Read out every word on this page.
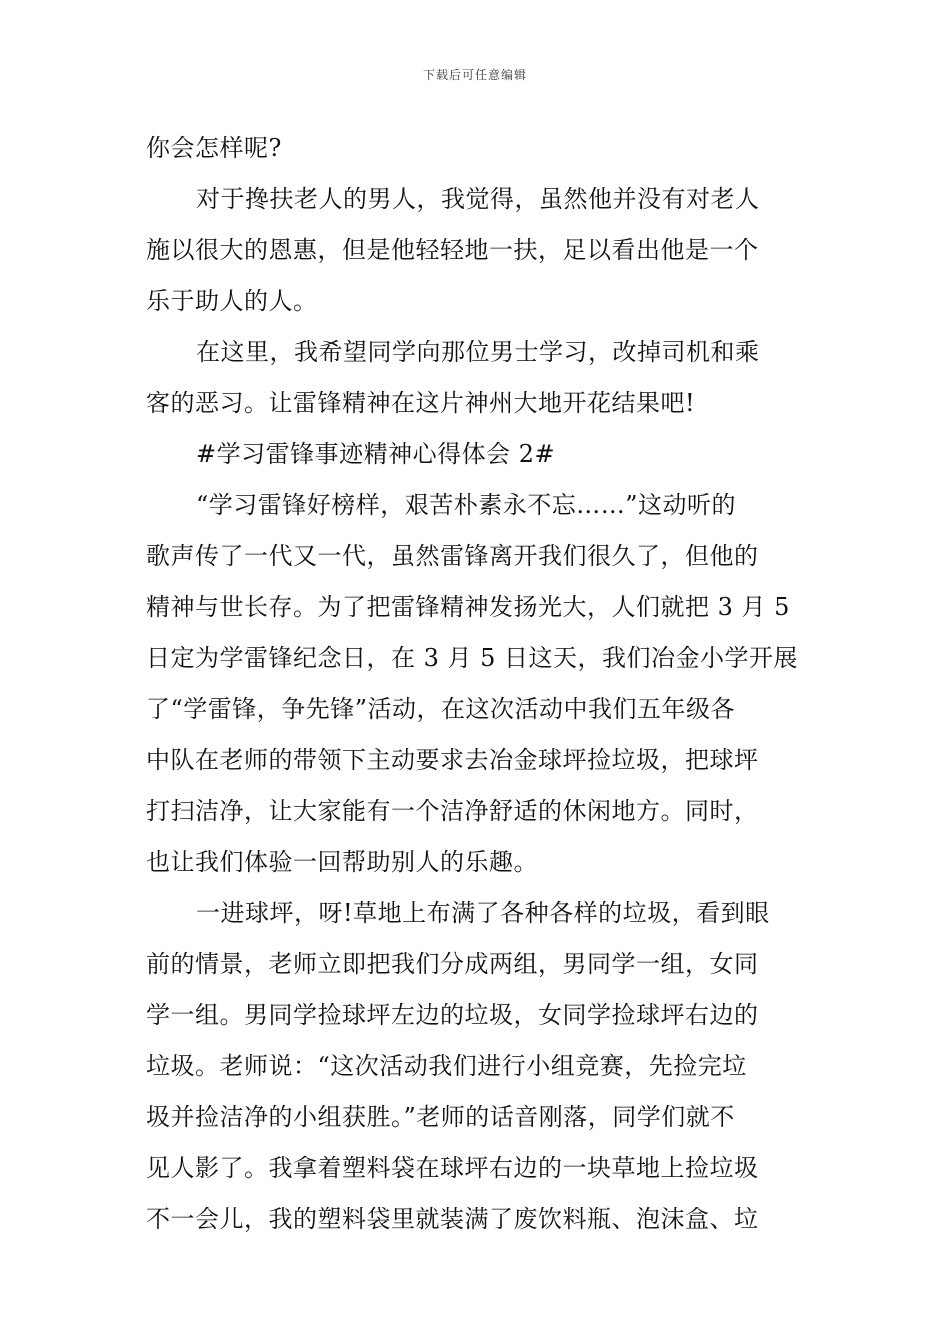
下载后可任意编辑
你会怎样呢?
对于搀扶老人的男人，我觉得，虽然他并没有对老人
施以很大的恩惠，但是他轻轻地一扶，足以看出他是一个
乐于助人的人。
在这里，我希望同学向那位男士学习，改掉司机和乘
客的恶习。让雷锋精神在这片神州大地开花结果吧!
#学习雷锋事迹精神心得体会 2#
“学习雷锋好榜样，艰苦朴素永不忘……”这动听的
歌声传了一代又一代，虽然雷锋离开我们很久了，但他的
精神与世长存。为了把雷锋精神发扬光大，人们就把 3 月 5
日定为学雷锋纪念日，在 3 月 5 日这天，我们冶金小学开展
了“学雷锋，争先锋”活动，在这次活动中我们五年级各
中队在老师的带领下主动要求去冶金球坪捡垃圾，把球坪
打扫洁净，让大家能有一个洁净舒适的休闲地方。同时，
也让我们体验一回帮助别人的乐趣。
一进球坪，呀!草地上布满了各种各样的垃圾，看到眼
前的情景，老师立即把我们分成两组，男同学一组，女同
学一组。男同学捡球坪左边的垃圾，女同学捡球坪右边的
垃圾。老师说：“这次活动我们进行小组竞赛，先捡完垃
圾并捡洁净的小组获胜。”老师的话音刚落，同学们就不
见人影了。我拿着塑料袋在球坪右边的一块草地上捡垃圾
不一会儿，我的塑料袋里就装满了废饮料瓶、泡沫盒、垃
